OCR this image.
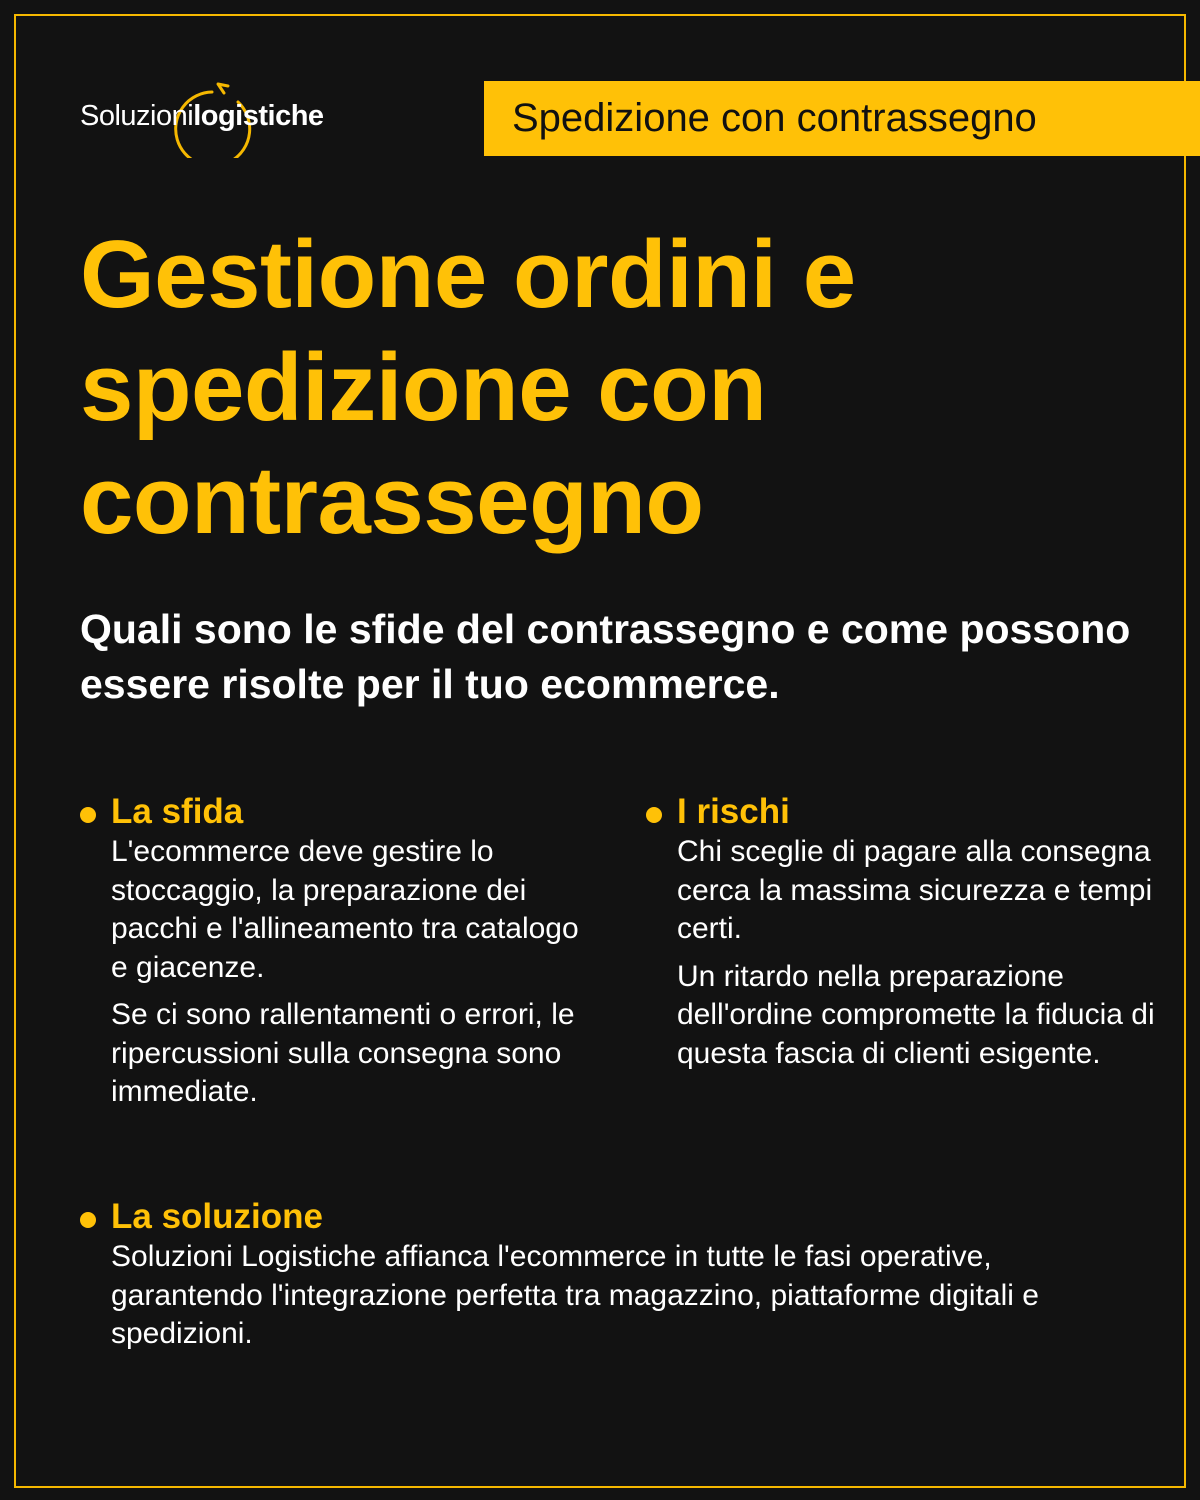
Soluzionilogistiche	Spedizione con contrassegno
Gestione ordini e spedizione con contrassegno
Quali sono le sfide del contrassegno e come possono essere risolte per il tuo ecommerce.
La sfida

L'ecommerce deve gestire lo stoccaggio, la preparazione dei pacchi e l'allineamento tra catalogo e giacenze.

Se ci sono rallentamenti o errori, le ripercussioni sulla consegna sono immediate.

I rischi

Chi sceglie di pagare alla consegna cerca la massima sicurezza e tempi certi.

Un ritardo nella preparazione dell'ordine compromette la fiducia di questa fascia di clienti esigente.

La soluzione

Soluzioni Logistiche affianca l'ecommerce in tutte le fasi operative, garantendo l'integrazione perfetta tra magazzino, piattaforme digitali e spedizioni.
